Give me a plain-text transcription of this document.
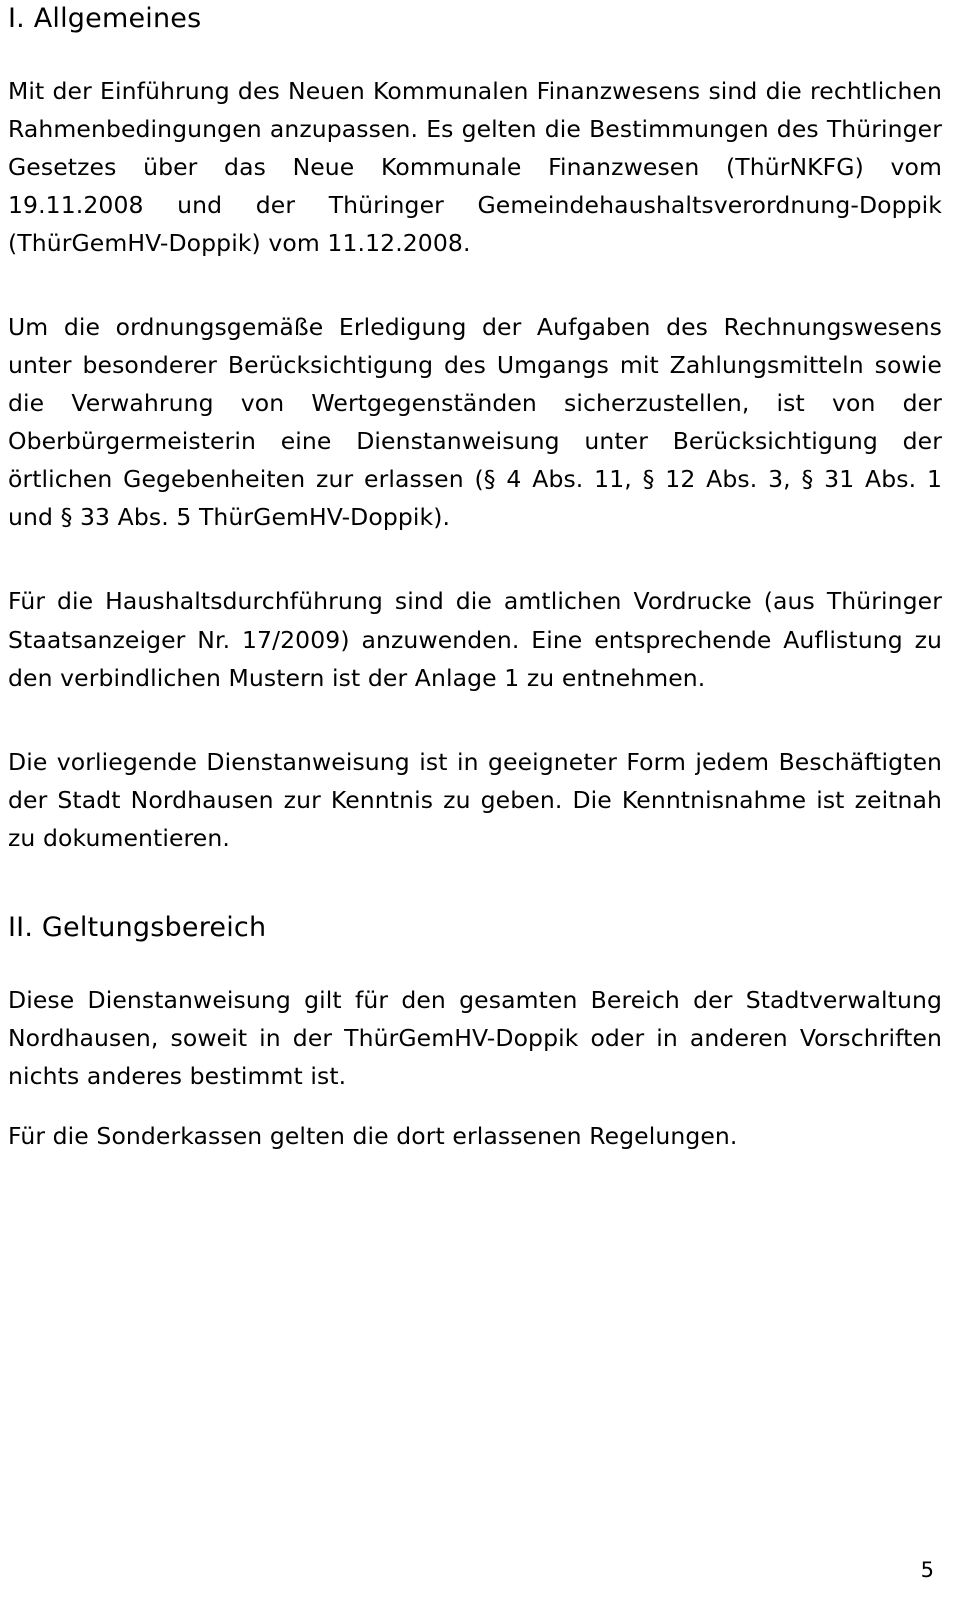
I. Allgemeines

Mit der Einführung des Neuen Kommunalen Finanzwesens sind die rechtlichen Rahmenbedingungen anzupassen. Es gelten die Bestimmungen des Thüringer Gesetzes über das Neue Kommunale Finanzwesen (ThürNKFG) vom 19.11.2008 und der Thüringer Gemeindehaushaltsverordnung-Doppik (ThürGemHV-Doppik) vom 11.12.2008.

Um die ordnungsgemäße Erledigung der Aufgaben des Rechnungswesens unter besonderer Berücksichtigung des Umgangs mit Zahlungsmitteln sowie die Verwahrung von Wertgegenständen sicherzustellen, ist von der Oberbürgermeisterin eine Dienstanweisung unter Berücksichtigung der örtlichen Gegebenheiten zur erlassen (§ 4 Abs. 11, § 12 Abs. 3, § 31 Abs. 1 und § 33 Abs. 5 ThürGemHV-Doppik).

Für die Haushaltsdurchführung sind die amtlichen Vordrucke (aus Thüringer Staatsanzeiger Nr. 17/2009) anzuwenden. Eine entsprechende Auflistung zu den verbindlichen Mustern ist der Anlage 1 zu entnehmen.

Die vorliegende Dienstanweisung ist in geeigneter Form jedem Beschäftigten der Stadt Nordhausen zur Kenntnis zu geben. Die Kenntnisnahme ist zeitnah zu dokumentieren.

II. Geltungsbereich

Diese Dienstanweisung gilt für den gesamten Bereich der Stadtverwaltung Nordhausen, soweit in der ThürGemHV-Doppik oder in anderen Vorschriften nichts anderes bestimmt ist.

Für die Sonderkassen gelten die dort erlassenen Regelungen.

5
